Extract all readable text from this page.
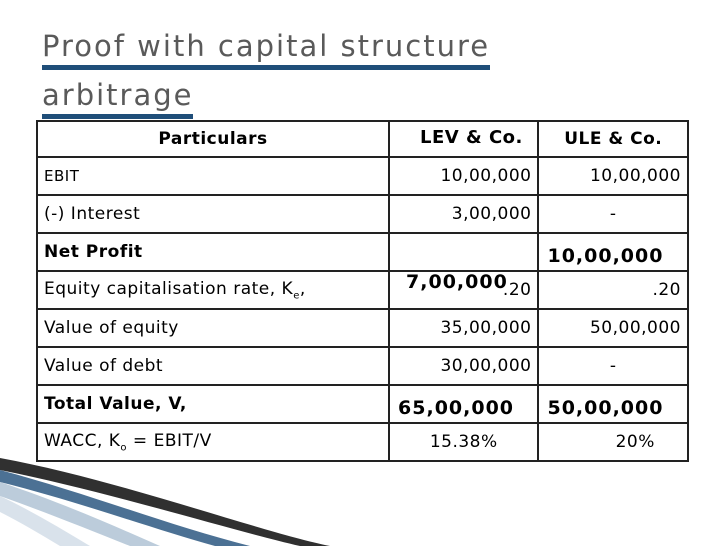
Proof with capital structure
arbitrage
Particulars	LEV & Co.	ULE & Co.
EBIT	10,00,000	10,00,000
(-) Interest	3,00,000	-
Net Profit	7,00,000	10,00,000

Equity capitalisation rate, $K_e$,	.20	.20
Value of equity	35,00,000	50,00,000
Value of debt	30,00,000	-
Total Value, V,	65,00,000	50,00,000

WACC, $K_o$ = EBIT/V	15.38%	20%
